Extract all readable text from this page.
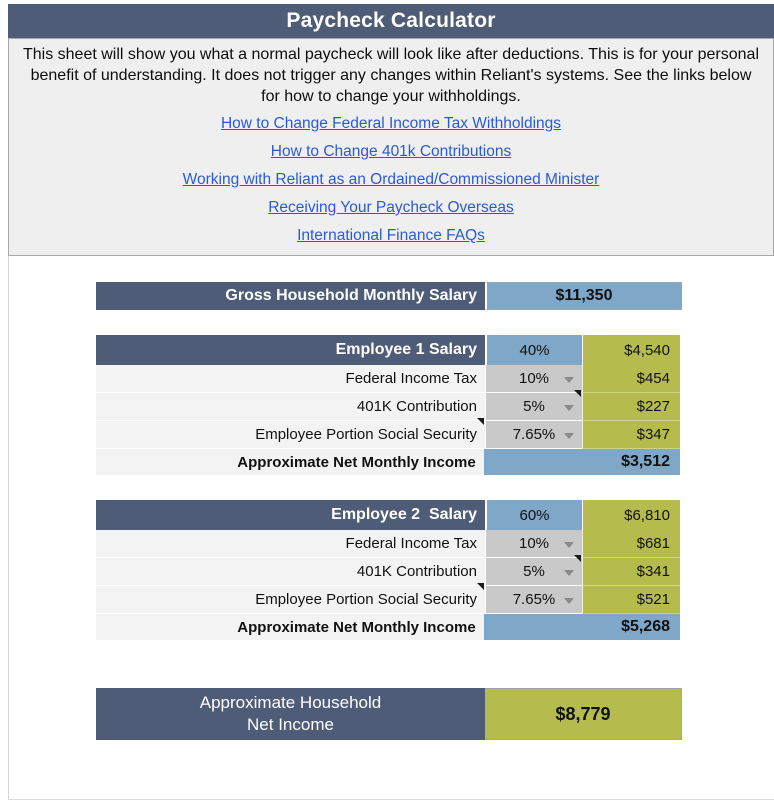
Paycheck Calculator

This sheet will show you what a normal paycheck will look like after deductions. This is for your personal benefit of understanding. It does not trigger any changes within Reliant's systems. See the links below for how to change your withholdings.

How to Change Federal Income Tax Withholdings
How to Change 401k Contributions
Working with Reliant as an Ordained/Commissioned Minister
Receiving Your Paycheck Overseas
International Finance FAQs
Gross Household Monthly Salary	$11,350
Employee 1 Salary	40%	$4,540
Federal Income Tax	10%	$454
401K Contribution	5%	$227
Employee Portion Social Security 7.65%	$347
Approximate Net Monthly Income	$3,512
Employee 2  Salary	60%	$6,810
Federal Income Tax	10%	$681
401K Contribution	5%	$341
Employee Portion Social Security 7.65%	$521
Approximate Net Monthly Income	$5,268
Approximate Household
Net Income
$8,779
